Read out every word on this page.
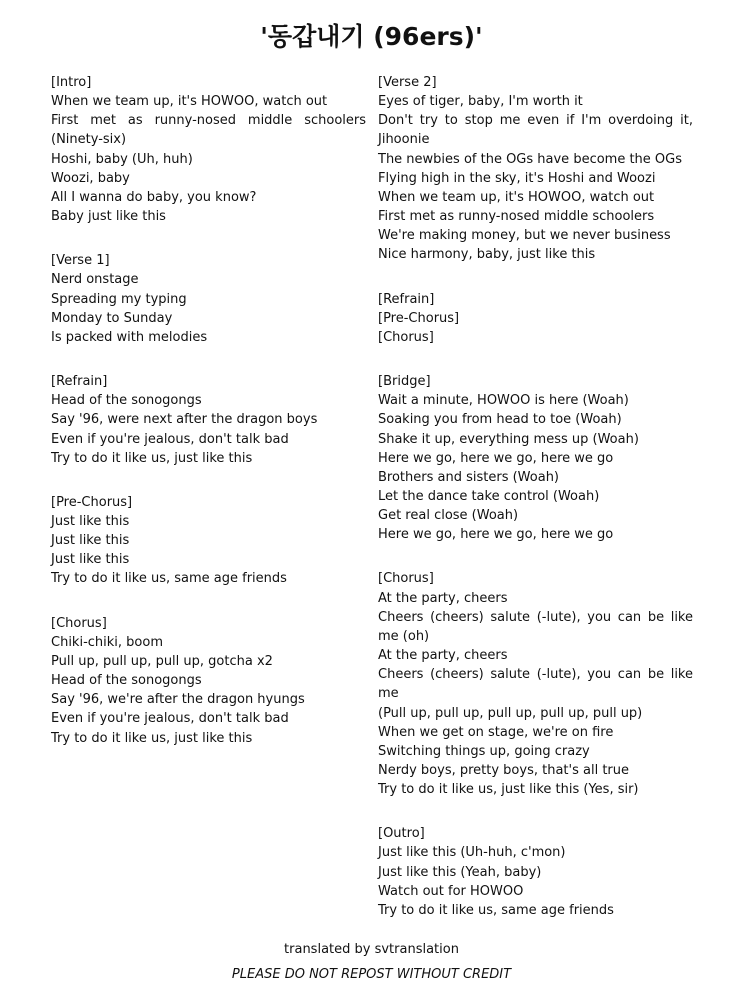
'동갑내기 (96ers)'
[Intro]
When we team up, it's HOWOO, watch out
First met as runny-nosed middle schoolers (Ninety-six)
Hoshi, baby (Uh, huh)
Woozi, baby
All I wanna do baby, you know?
Baby just like this
[Verse 1]
Nerd onstage
Spreading my typing
Monday to Sunday
Is packed with melodies
[Refrain]
Head of the sonogongs
Say '96, were next after the dragon boys
Even if you're jealous, don't talk bad
Try to do it like us, just like this
[Pre-Chorus]
Just like this
Just like this
Just like this
Try to do it like us, same age friends
[Chorus]
Chiki-chiki, boom
Pull up, pull up, pull up, gotcha x2
Head of the sonogongs
Say '96, we're after the dragon hyungs
Even if you're jealous, don't talk bad
Try to do it like us, just like this
[Verse 2]
Eyes of tiger, baby, I'm worth it
Don't try to stop me even if I'm overdoing it, Jihoonie
The newbies of the OGs have become the OGs
Flying high in the sky, it's Hoshi and Woozi
When we team up, it's HOWOO, watch out
First met as runny-nosed middle schoolers
We're making money, but we never business
Nice harmony, baby, just like this
[Refrain]
[Pre-Chorus]
[Chorus]
[Bridge]
Wait a minute, HOWOO is here (Woah)
Soaking you from head to toe (Woah)
Shake it up, everything mess up (Woah)
Here we go, here we go, here we go
Brothers and sisters (Woah)
Let the dance take control (Woah)
Get real close (Woah)
Here we go, here we go, here we go
[Chorus]
At the party, cheers
Cheers (cheers) salute (-lute), you can be like me (oh)
At the party, cheers
Cheers (cheers) salute (-lute), you can be like me
(Pull up, pull up, pull up, pull up, pull up)
When we get on stage, we're on fire
Switching things up, going crazy
Nerdy boys, pretty boys, that's all true
Try to do it like us, just like this (Yes, sir)
[Outro]
Just like this (Uh-huh, c'mon)
Just like this (Yeah, baby)
Watch out for HOWOO
Try to do it like us, same age friends
translated by svtranslation
PLEASE DO NOT REPOST WITHOUT CREDIT
